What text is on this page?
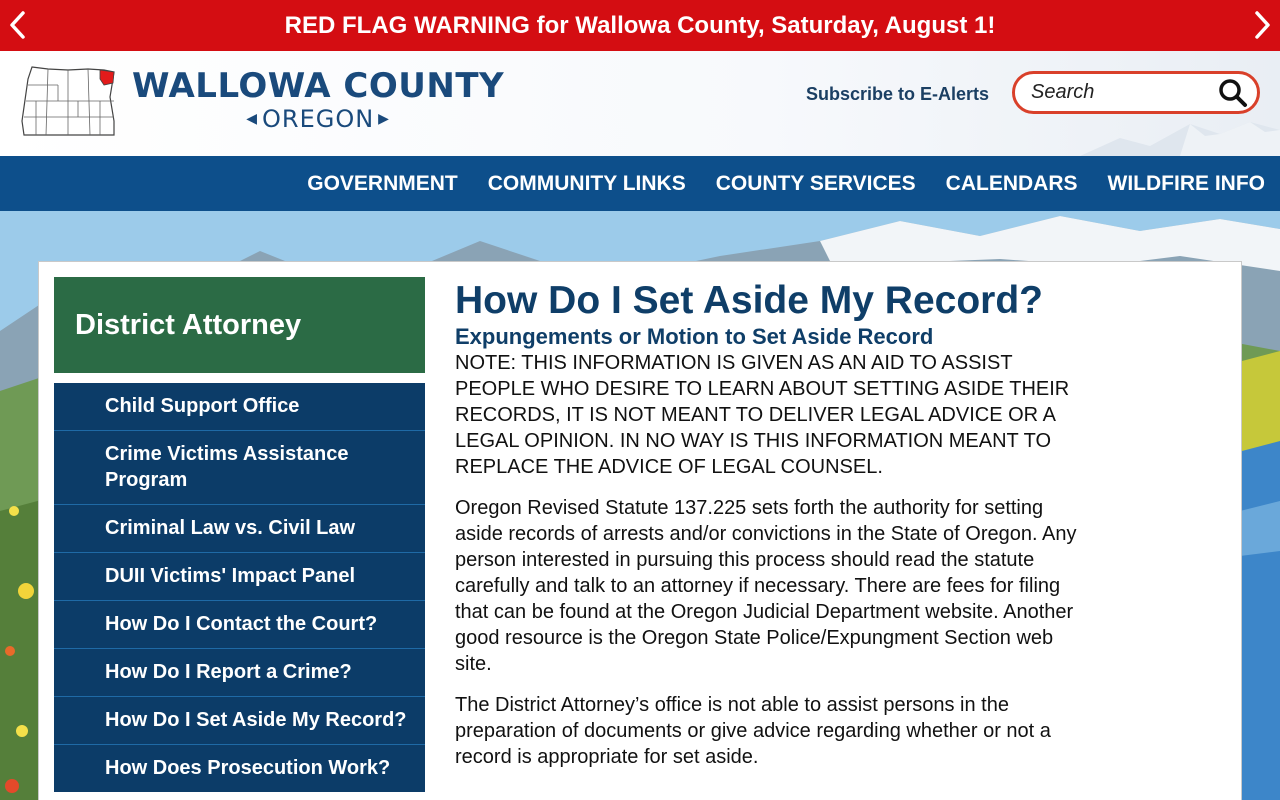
RED FLAG WARNING for Wallowa County, Saturday, August 1!
WALLOWA COUNTY
◀ OREGON ▶
Subscribe to E-Alerts
Search
GOVERNMENT COMMUNITY LINKS COUNTY SERVICES CALENDARS WILDFIRE INFO
District Attorney
Child Support Office
Crime Victims Assistance Program
Criminal Law vs. Civil Law
DUII Victims' Impact Panel
How Do I Contact the Court?
How Do I Report a Crime?
How Do I Set Aside My Record?
How Does Prosecution Work?
How Do I Set Aside My Record?
Expungements or Motion to Set Aside Record

NOTE: THIS INFORMATION IS GIVEN AS AN AID TO ASSIST PEOPLE WHO DESIRE TO LEARN ABOUT SETTING ASIDE THEIR RECORDS, IT IS NOT MEANT TO DELIVER LEGAL ADVICE OR A LEGAL OPINION. IN NO WAY IS THIS INFORMATION MEANT TO REPLACE THE ADVICE OF LEGAL COUNSEL.

Oregon Revised Statute 137.225 sets forth the authority for setting aside records of arrests and/or convictions in the State of Oregon. Any person interested in pursuing this process should read the statute carefully and talk to an attorney if necessary. There are fees for filing that can be found at the Oregon Judicial Department website. Another good resource is the Oregon State Police/Expungment Section web site.

The District Attorney’s office is not able to assist persons in the preparation of documents or give advice regarding whether or not a record is appropriate for set aside.
